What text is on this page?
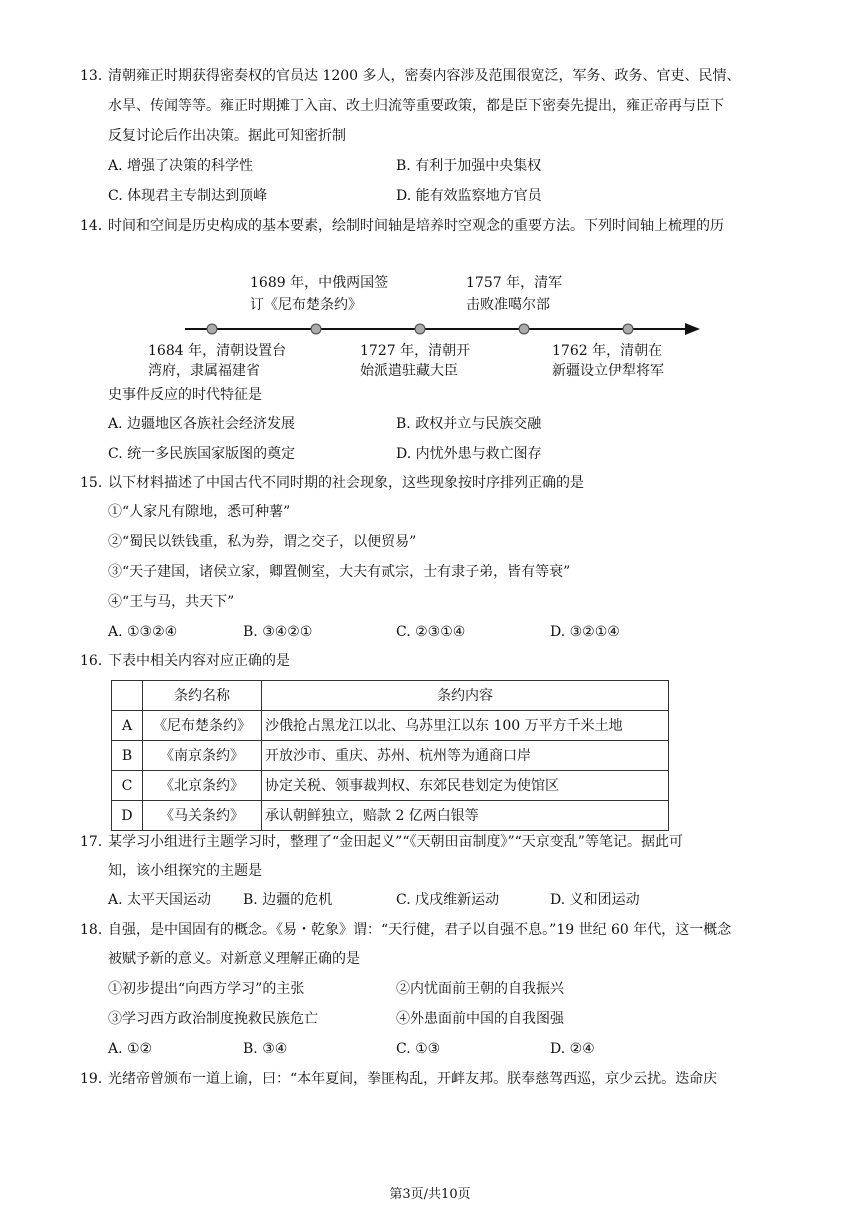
13．
清朝雍正时期获得密奏权的官员达 1200 多人，密奏内容涉及范围很宽泛，军务、政务、官吏、民情、
水旱、传闻等等。雍正时期摊丁入亩、改土归流等重要政策，都是臣下密奏先提出，雍正帝再与臣下
反复讨论后作出决策。据此可知密折制
A. 增强了决策的科学性	B. 有利于加强中央集权
C. 体现君主专制达到顶峰	D. 能有效监察地方官员
14．
时间和空间是历史构成的基本要素，绘制时间轴是培养时空观念的重要方法。下列时间轴上梳理的历
1689 年，中俄两国签
订《尼布楚条约》
1757 年，清军
击败准噶尔部
1684 年，清朝设置台
湾府，隶属福建省
1727 年，清朝开
始派遣驻藏大臣
1762 年，清朝在
新疆设立伊犁将军
史事件反应的时代特征是
A. 边疆地区各族社会经济发展	B. 政权并立与民族交融
C. 统一多民族国家版图的奠定	D. 内忧外患与救亡图存
15．
以下材料描述了中国古代不同时期的社会现象，这些现象按时序排列正确的是
①“人家凡有隙地，悉可种薯”
②“蜀民以铁钱重，私为券，谓之交子，以便贸易”
③“天子建国，诸侯立家，卿置侧室，大夫有贰宗，士有隶子弟，皆有等衰”
④“王与马，共天下”
A. ①③②④	B. ③④②①	C. ②③①④	D. ③②①④
16．
下表中相关内容对应正确的是
	条约名称	条约内容
A	《尼布楚条约》	沙俄抢占黑龙江以北、乌苏里江以东 100 万平方千米土地
B	《南京条约》	开放沙市、重庆、苏州、杭州等为通商口岸
C	《北京条约》	协定关税、领事裁判权、东郊民巷划定为使馆区
D	《马关条约》	承认朝鲜独立，赔款 2 亿两白银等
17．
某学习小组进行主题学习时，整理了“金田起义”“《天朝田亩制度》”“天京变乱”等笔记。据此可
知，该小组探究的主题是
A. 太平天国运动 B. 边疆的危机	C. 戊戌维新运动	D. 义和团运动
18．
自强，是中国固有的概念。《易・乾象》谓：“天行健，君子以自强不息。”19 世纪 60 年代，这一概念
被赋予新的意义。对新意义理解正确的是
①初步提出“向西方学习”的主张	②内忧面前王朝的自我振兴
③学习西方政治制度挽救民族危亡	④外患面前中国的自我图强
A. ①②	B. ③④	C. ①③	D. ②④
19．
光绪帝曾颁布一道上谕，曰：“本年夏间，拳匪构乱，开衅友邦。朕奉慈驾西巡，京少云扰。迭命庆
第3页/共10页
